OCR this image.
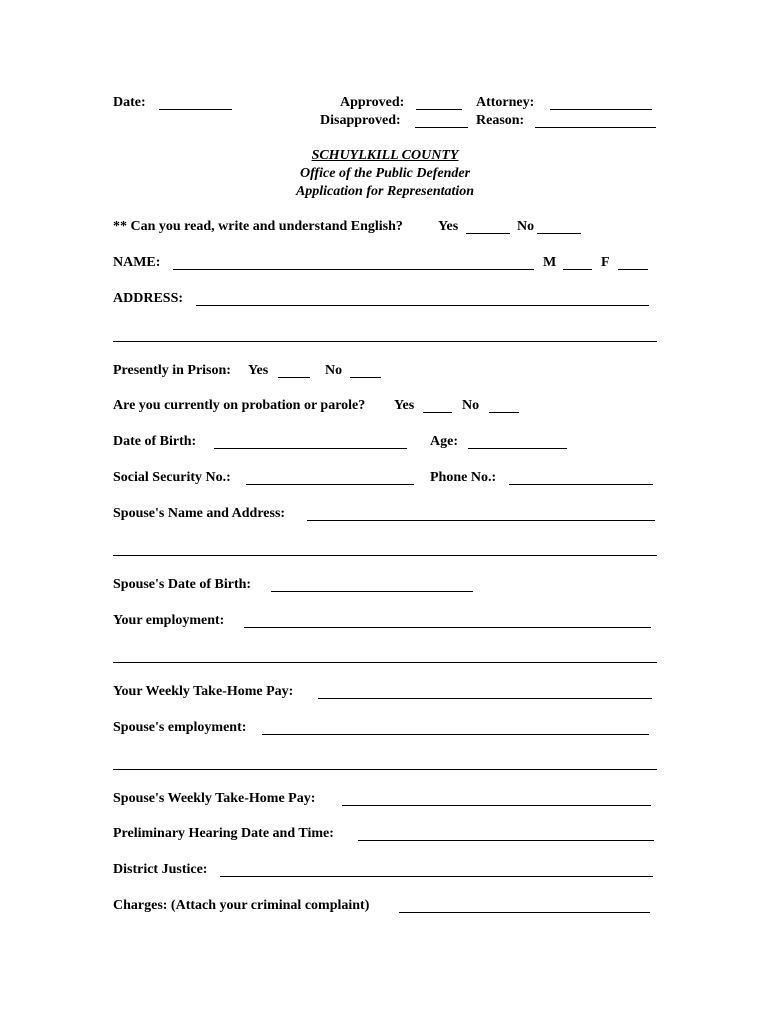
Date:	Approved:	Attorney:
Disapproved:	Reason:
SCHUYLKILL COUNTY
Office of the Public Defender
Application for Representation
** Can you read, write and understand English?	Yes	No
NAME:	M	F
ADDRESS:
Presently in Prison: Yes	No
Are you currently on probation or parole? Yes	No
Date of Birth:	Age:
Social Security No.:	Phone No.:
Spouse's Name and Address:
Spouse's Date of Birth:
Your employment:
Your Weekly Take-Home Pay:
Spouse's employment:
Spouse's Weekly Take-Home Pay:
Preliminary Hearing Date and Time:
District Justice:
Charges: (Attach your criminal complaint)
